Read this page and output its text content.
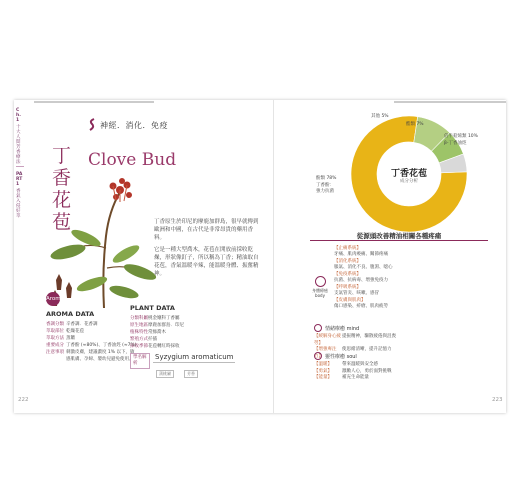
Ch.1
十大人間芳香療法
PART 1
香氣入侵好萃
神經．消化．免疫
丁香花苞
Clove Bud

丁香原生於印尼的摩鹿加群島，很早就傳到歐洲和中國，在古代是非常昂貴的藥用香料。

它是一種大型喬木，花苞在開放前採收乾燥，形狀像釘子，所以稱為丁香；精油取自花苞，香氣溫暖辛辣，能溫暖身體、振奮精神。

Aroma
AROMA DATA
香調分類 辛香調．花香調
萃取部位 乾燥花苞
萃取方法 蒸餾
重要成分 丁香酚 (≈80%)、丁香油烴 (≈7%)
注意事項 刺激皮膚，建議濃度 1% 以下，敏感肌膚、孕婦、嬰幼兒避免使用。
PLANT DATA
分類科屬 桃金孃科丁香屬
原生地區 摩鹿加群島．印尼
植株特性 常綠喬木
繁殖方式 扦插
採收季節 花苞轉紅時採收
學名解析
Syzygium aromaticum
蒲桃屬	芳香
222
丁香花苞
成分分析
其他 5%
酯類 7%
倍半萜烯類 10%
β-丁香油烴
酚類 78%
丁香酚：
強力抗菌
從源頭改善精油相關各種疼痛
身體療癒
body
【止痛系統】
牙痛、肌肉痠痛、關節疼痛
【消化系統】
脹氣、消化不良、腹瀉、噁心
【免疫系統】
抗菌、抗病毒、增強免疫力
【呼吸系統】
支氣管炎、咳嗽、感冒
【皮膚與肌肉】
傷口感染、疥瘡、肌肉疲勞
情緒療癒 mind
【緩解身心疲勞】
提振精神，驅散疲倦與沮喪
【增強專注力】
使思緒清晰，提升記憶力
靈性療癒 soul
【溫暖】	帶來溫暖與安全感
【勇氣】	激勵人心，勇於面對挑戰
【能量】	補充生命能量
223
